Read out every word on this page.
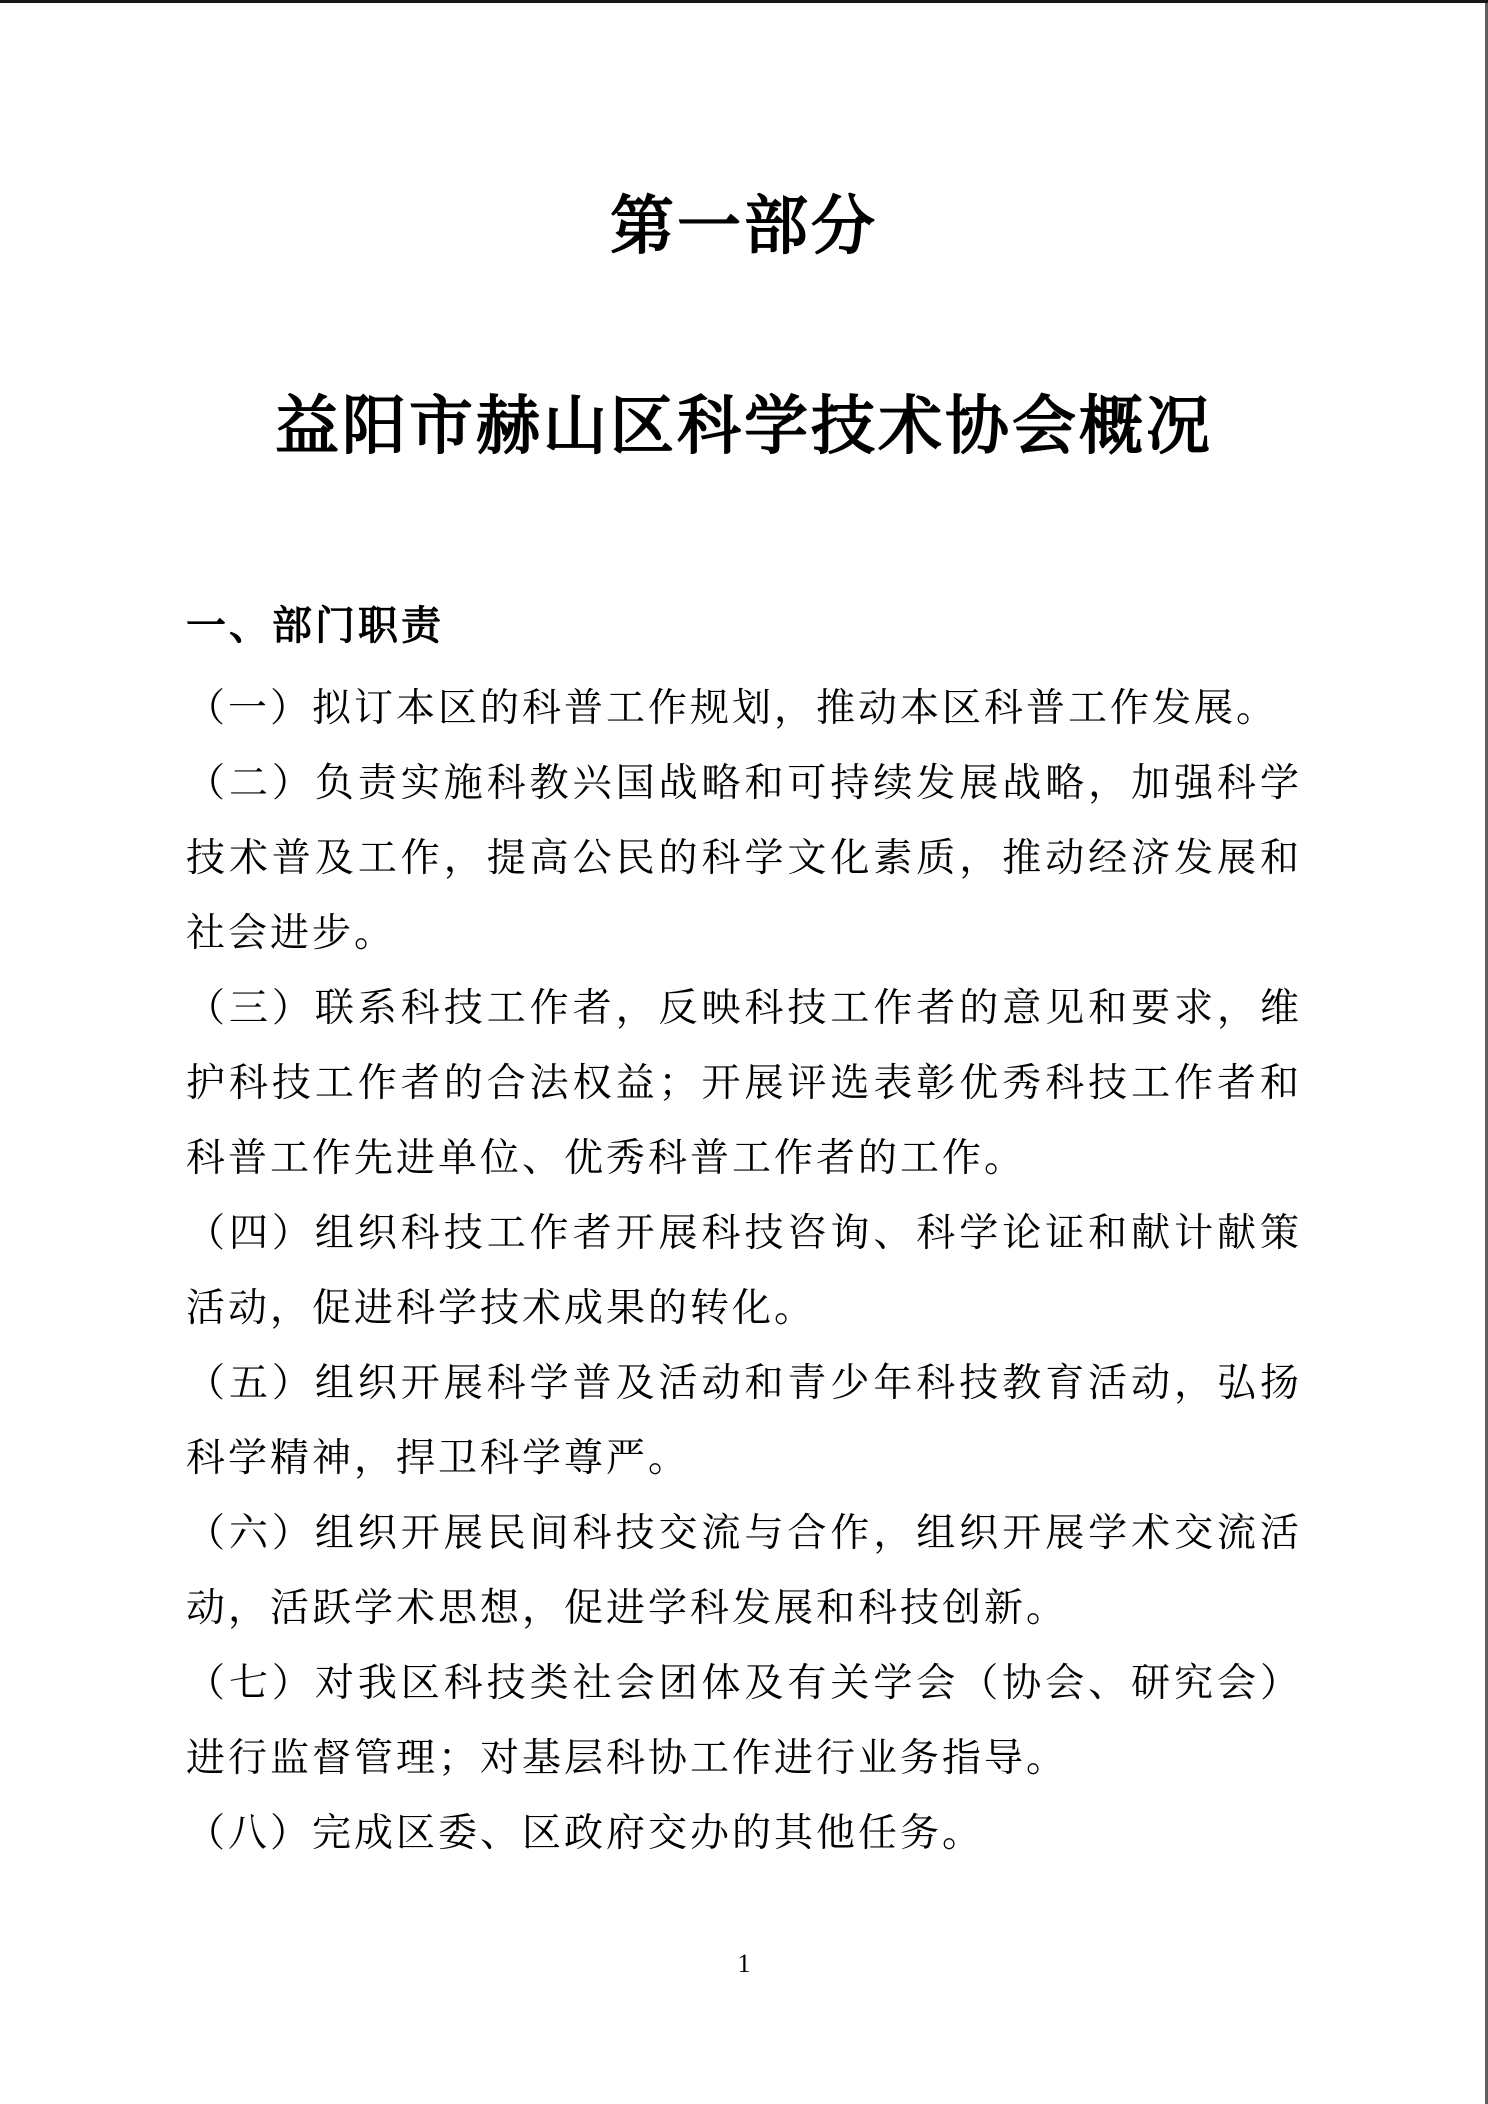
第一部分
益阳市赫山区科学技术协会概况
一、部门职责

（一）拟订本区的科普工作规划，推动本区科普工作发展。

（二）负责实施科教兴国战略和可持续发展战略，加强科学技术普及工作，提高公民的科学文化素质，推动经济发展和社会进步。

（三）联系科技工作者，反映科技工作者的意见和要求，维护科技工作者的合法权益；开展评选表彰优秀科技工作者和科普工作先进单位、优秀科普工作者的工作。

（四）组织科技工作者开展科技咨询、科学论证和献计献策活动，促进科学技术成果的转化。

（五）组织开展科学普及活动和青少年科技教育活动，弘扬科学精神，捍卫科学尊严。

（六）组织开展民间科技交流与合作，组织开展学术交流活动，活跃学术思想，促进学科发展和科技创新。

（七）对我区科技类社会团体及有关学会（协会、研究会）进行监督管理；对基层科协工作进行业务指导。

（八）完成区委、区政府交办的其他任务。

1
